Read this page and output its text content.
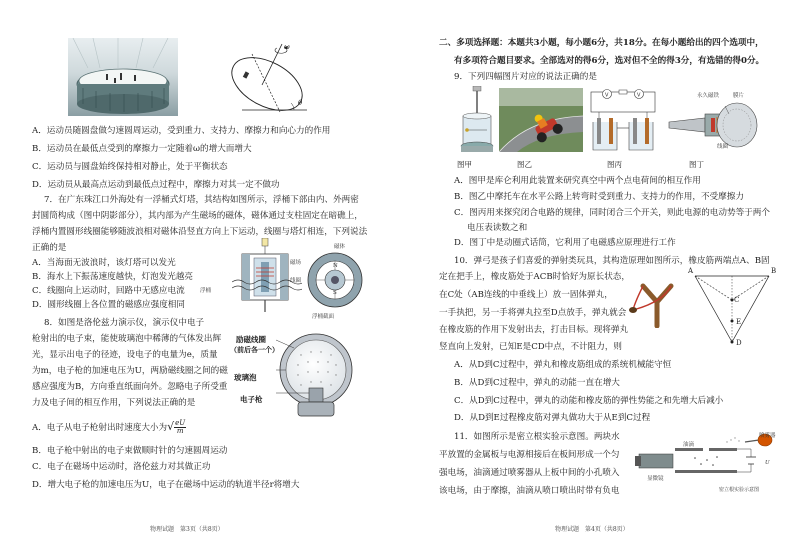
ω
θ
A．运动员随圆盘做匀速圆周运动，受到重力、支持力、摩擦力和向心力的作用
B．运动员在最低点受到的摩擦力一定随着ω的增大而增大
C．运动员与圆盘始终保持相对静止，处于平衡状态
D．运动员从最高点运动到最低点过程中，摩擦力对其一定不做功
7．在广东珠江口外海处有一浮桶式灯塔，其结构如图所示，浮桶下部由内、外两密
封圆筒构成（图中阴影部分），其内部为产生磁场的磁体，磁体通过支柱固定在暗礁上，
浮桶内置圆形线圈能够随波浪相对磁体沿竖直方向上下运动，线圈与塔灯相连，下列说法
正确的是
A．当海面无波浪时，该灯塔可以发光
B．海水上下振荡速度越快，灯泡发光越亮
C．线圈向上运动时，回路中无感应电流
D．圆形线圈上各位置的磁感应强度相同
磁体
磁场
线圈
浮桶
N
S
浮桶截面
8．如图是洛伦兹力演示仪，演示仪中电子
枪射出的电子束，能使玻璃泡中稀薄的气体发出辉
光，显示出电子的径迹，设电子的电量为e，质量
为m，电子枪的加速电压为U，两励磁线圈之间的磁
感应强度为B，方向垂直纸面向外。忽略电子所受重
力及电子间的相互作用，下列说法正确的是
A．电子从电子枪射出时速度大小为√ $\frac{eU}{m}$
B．电子枪中射出的电子束做顺时针的匀速圆周运动
C．电子在磁场中运动时，洛伦兹力对其做正功
D．增大电子枪的加速电压为U，电子在磁场中运动的轨道半径r将增大
励磁线圈
（前后各一个）
玻璃泡
电子枪
物理试题　第3页（共8页）
二、多项选择题：本题共3小题，每小题6分，共18分。在每小题给出的四个选项中，
有多项符合题目要求。全部选对的得6分，选对但不全的得3分，有选错的得0分。
9．下列四幅图片对应的说法正确的是
V	V	永久磁铁	膜片
线圈
图甲	图乙	图丙	图丁
A．图甲是库仑利用此装置来研究真空中两个点电荷间的相互作用
B．图乙中摩托车在水平公路上转弯时受到重力、支持力的作用，不受摩擦力
C．图丙用来探究闭合电路的规律，同时闭合三个开关，则此电源的电动势等于两个
电压表读数之和
D．图丁中是动圈式话筒，它利用了电磁感应原理进行工作
10．弹弓是孩子们喜爱的弹射类玩具，其构造原理如图所示，橡皮筋两端点A、B固
定在把手上，橡皮筋处于ACB时恰好为原长状态，
在C处（AB连线的中垂线上）放一固体弹丸，
一手执把，另一手将弹丸拉至D点放手，弹丸就会
在橡皮筋的作用下发射出去，打击目标。现将弹丸
竖直向上发射，已知E是CD中点，不计阻力，则
A．从D到C过程中，弹丸和橡皮筋组成的系统机械能守恒
B．从D到C过程中，弹丸的动能一直在增大
C．从D到C过程中，弹丸的动能和橡皮筋的弹性势能之和先增大后减小
D．从D到E过程橡皮筋对弹丸做功大于从E到C过程
A	B
C
E
D
11．如图所示是密立根实验示意图。两块水
平放置的金属板与电源相接后在板间形成一个匀
强电场，油滴通过喷雾器从上板中间的小孔喷入
该电场，由于摩擦，油滴从喷口喷出时带有负电
喷雾器
油滴
U
显微镜
密立根实验示意图
物理试题　第4页（共8页）
